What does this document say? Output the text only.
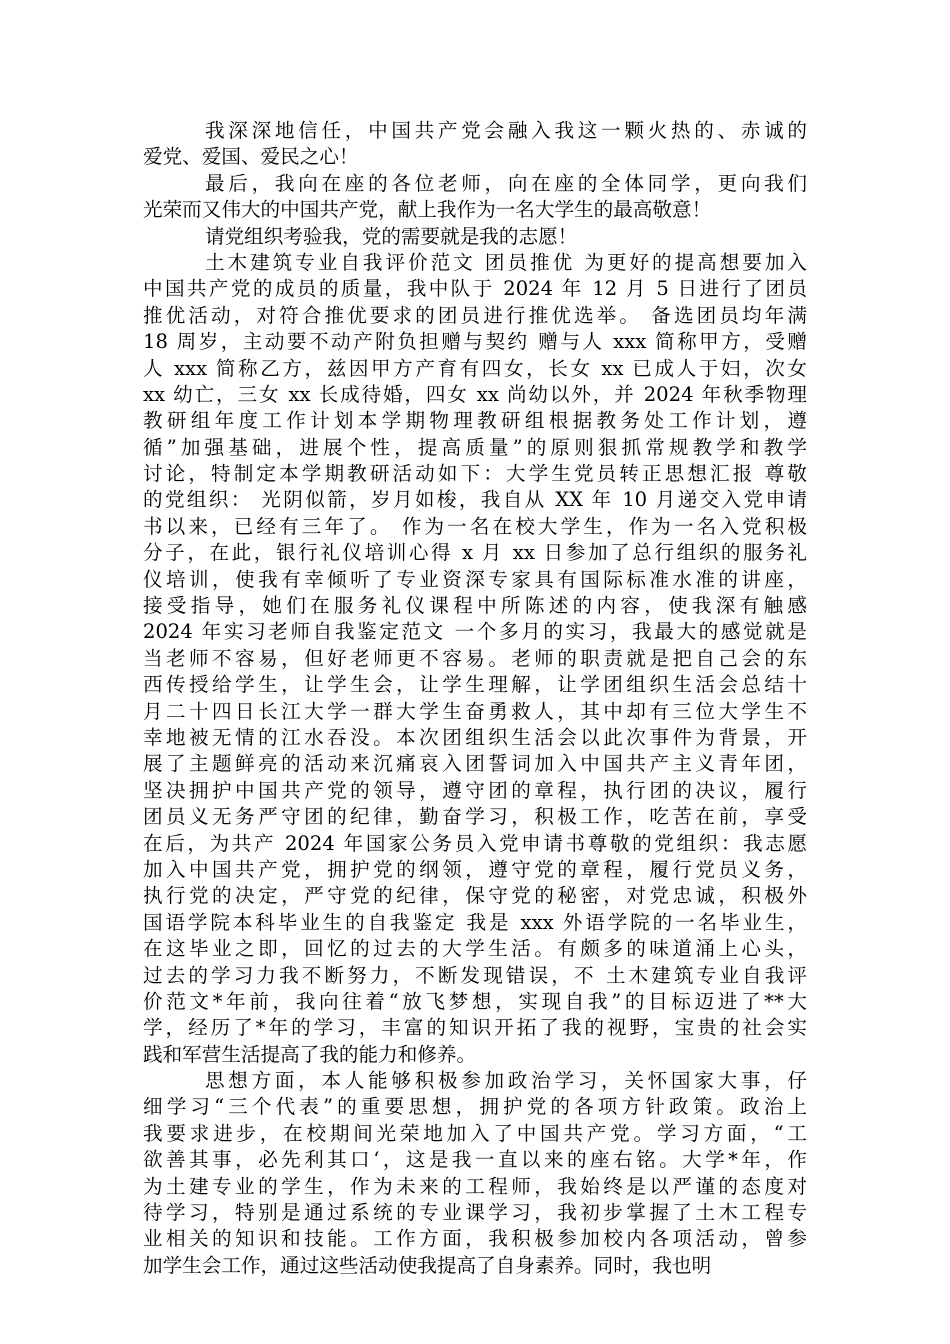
我深深地信任，中国共产党会融入我这一颗火热的、赤诚的
爱党、爱国、爱民之心！
最后，我向在座的各位老师，向在座的全体同学，更向我们
光荣而又伟大的中国共产党，献上我作为一名大学生的最高敬意！
请党组织考验我，党的需要就是我的志愿！
土木建筑专业自我评价范文 团员推优 为更好的提高想要加入
中国共产党的成员的质量，我中队于 2024 年 12 月 5 日进行了团员
推优活动，对符合推优要求的团员进行推优选举。 备选团员均年满
18 周岁，主动要不动产附负担赠与契约 赠与人 xxx 简称甲方，受赠
人 xxx 简称乙方，兹因甲方产育有四女，长女 xx 已成人于妇，次女
xx 幼亡，三女 xx 长成待婚，四女 xx 尚幼以外，并 2024 年秋季物理
教研组年度工作计划本学期物理教研组根据教务处工作计划，遵
循”加强基础，进展个性，提高质量”的原则狠抓常规教学和教学
讨论，特制定本学期教研活动如下：大学生党员转正思想汇报 尊敬
的党组织： 光阴似箭，岁月如梭，我自从 XX 年 10 月递交入党申请
书以来，已经有三年了。 作为一名在校大学生，作为一名入党积极
分子，在此，银行礼仪培训心得 x 月 xx 日参加了总行组织的服务礼
仪培训，使我有幸倾听了专业资深专家具有国际标准水准的讲座，
接受指导，她们在服务礼仪课程中所陈述的内容，使我深有触感
2024 年实习老师自我鉴定范文 一个多月的实习，我最大的感觉就是
当老师不容易，但好老师更不容易。老师的职责就是把自己会的东
西传授给学生，让学生会，让学生理解，让学团组织生活会总结十
月二十四日长江大学一群大学生奋勇救人，其中却有三位大学生不
幸地被无情的江水吞没。本次团组织生活会以此次事件为背景，开
展了主题鲜亮的活动来沉痛哀入团誓词加入中国共产主义青年团，
坚决拥护中国共产党的领导，遵守团的章程，执行团的决议，履行
团员义无务严守团的纪律，勤奋学习，积极工作，吃苦在前，享受
在后，为共产 2024 年国家公务员入党申请书尊敬的党组织：我志愿
加入中国共产党，拥护党的纲领，遵守党的章程，履行党员义务，
执行党的决定，严守党的纪律，保守党的秘密，对党忠诚，积极外
国语学院本科毕业生的自我鉴定 我是 xxx 外语学院的一名毕业生，
在这毕业之即，回忆的过去的大学生活。有颇多的味道涌上心头，
过去的学习力我不断努力，不断发现错误，不 土木建筑专业自我评
价范文*年前，我向往着“放飞梦想，实现自我”的目标迈进了**大
学，经历了*年的学习，丰富的知识开拓了我的视野，宝贵的社会实
践和军营生活提高了我的能力和修养。
思想方面，本人能够积极参加政治学习，关怀国家大事，仔
细学习“三个代表”的重要思想，拥护党的各项方针政策。政治上
我要求进步，在校期间光荣地加入了中国共产党。学习方面，“工
欲善其事，必先利其口‘，这是我一直以来的座右铭。大学*年，作
为土建专业的学生，作为未来的工程师，我始终是以严谨的态度对
待学习，特别是通过系统的专业课学习，我初步掌握了土木工程专
业相关的知识和技能。工作方面，我积极参加校内各项活动，曾参
加学生会工作，通过这些活动使我提高了自身素养。同时，我也明
